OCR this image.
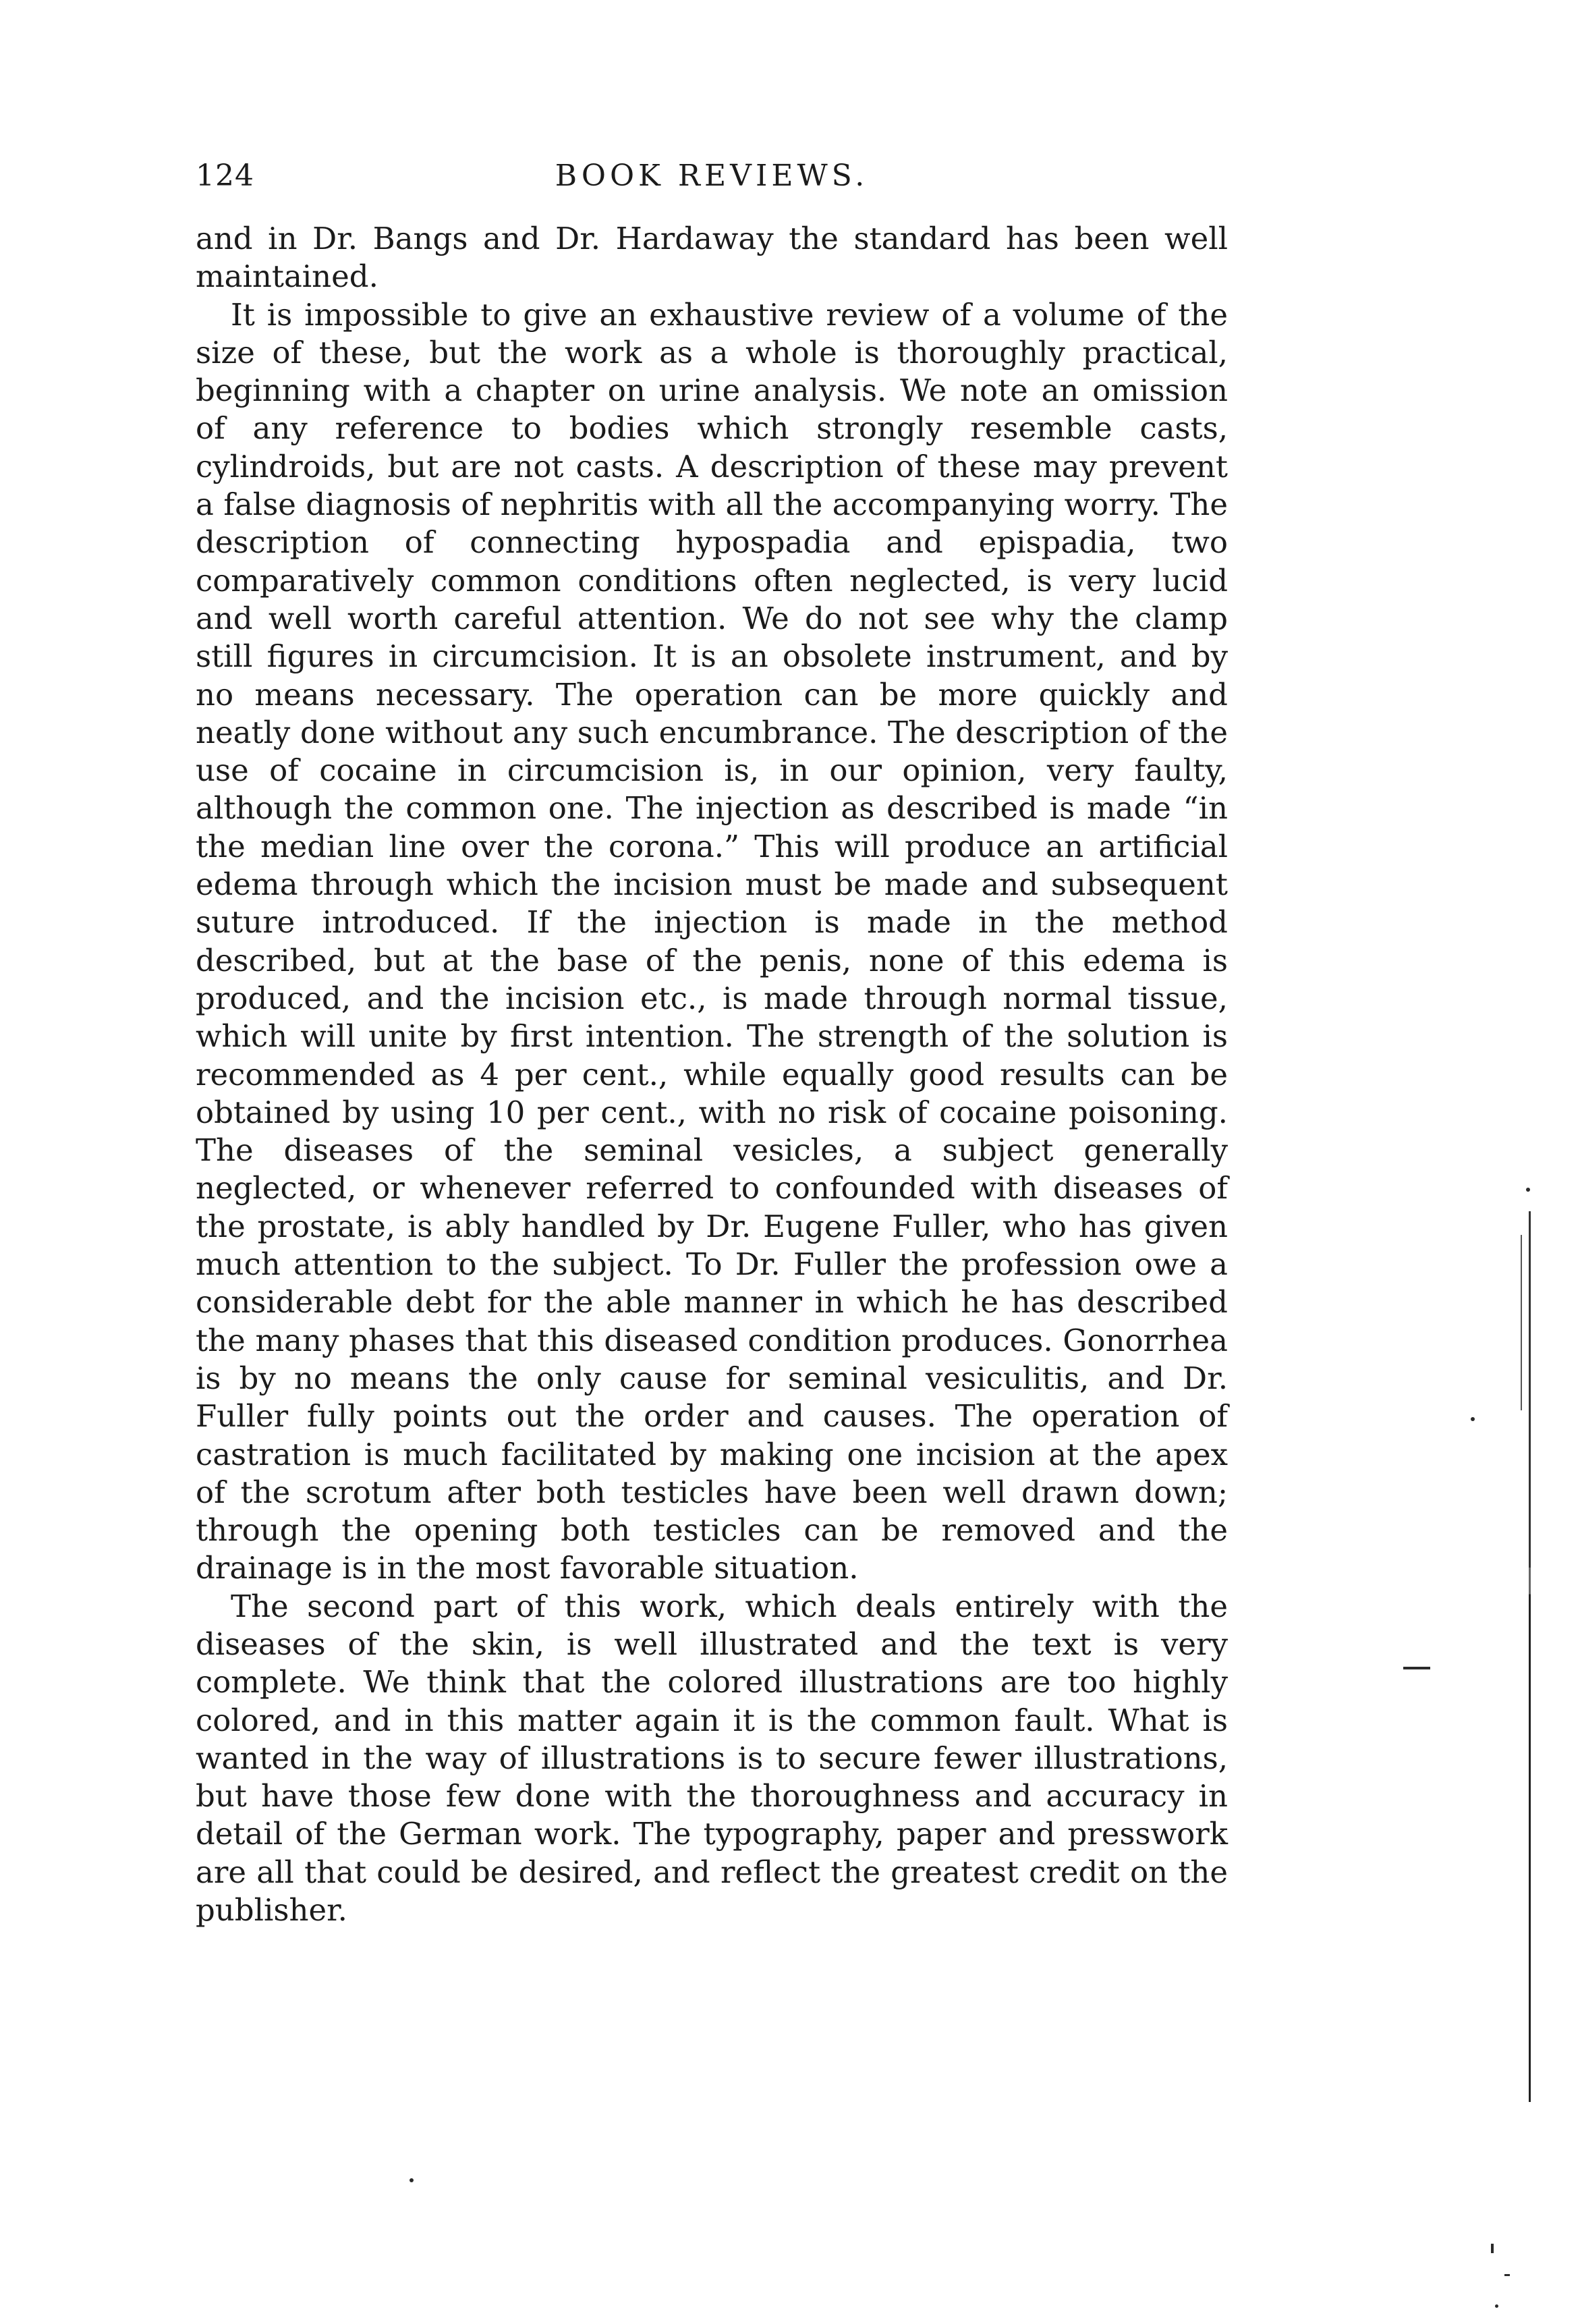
124	BOOK REVIEWS.

and in Dr. Bangs and Dr. Hardaway the standard has been well maintained.

It is impossible to give an exhaustive review of a volume of the size of these, but the work as a whole is thoroughly practical, beginning with a chapter on urine analysis. We note an omission of any reference to bodies which strongly resemble casts, cylindroids, but are not casts. A description of these may prevent a false diagnosis of nephritis with all the accompanying worry. The description of connecting hypospadia and epispadia, two comparatively common conditions often neglected, is very lucid and well worth careful attention. We do not see why the clamp still figures in circumcision. It is an obsolete instrument, and by no means necessary. The operation can be more quickly and neatly done without any such encumbrance. The description of the use of cocaine in circumcision is, in our opinion, very faulty, although the common one. The injection as described is made “in the median line over the corona.” This will produce an artificial edema through which the incision must be made and subsequent suture introduced. If the injection is made in the method described, but at the base of the penis, none of this edema is produced, and the incision etc., is made through normal tissue, which will unite by first intention. The strength of the solution is recommended as 4 per cent., while equally good results can be obtained by using 10 per cent., with no risk of cocaine poisoning. The diseases of the seminal vesicles, a subject generally neglected, or whenever referred to confounded with diseases of the prostate, is ably handled by Dr. Eugene Fuller, who has given much attention to the subject. To Dr. Fuller the profession owe a considerable debt for the able manner in which he has described the many phases that this diseased condition produces. Gonorrhea is by no means the only cause for seminal vesiculitis, and Dr. Fuller fully points out the order and causes. The operation of castration is much facilitated by making one incision at the apex of the scrotum after both testicles have been well drawn down; through the opening both testicles can be removed and the drainage is in the most favorable situation.

The second part of this work, which deals entirely with the diseases of the skin, is well illustrated and the text is very complete. We think that the colored illustrations are too highly colored, and in this matter again it is the common fault. What is wanted in the way of illustrations is to secure fewer illustrations, but have those few done with the thoroughness and accuracy in detail of the German work. The typography, paper and presswork are all that could be desired, and reflect the greatest credit on the publisher.
